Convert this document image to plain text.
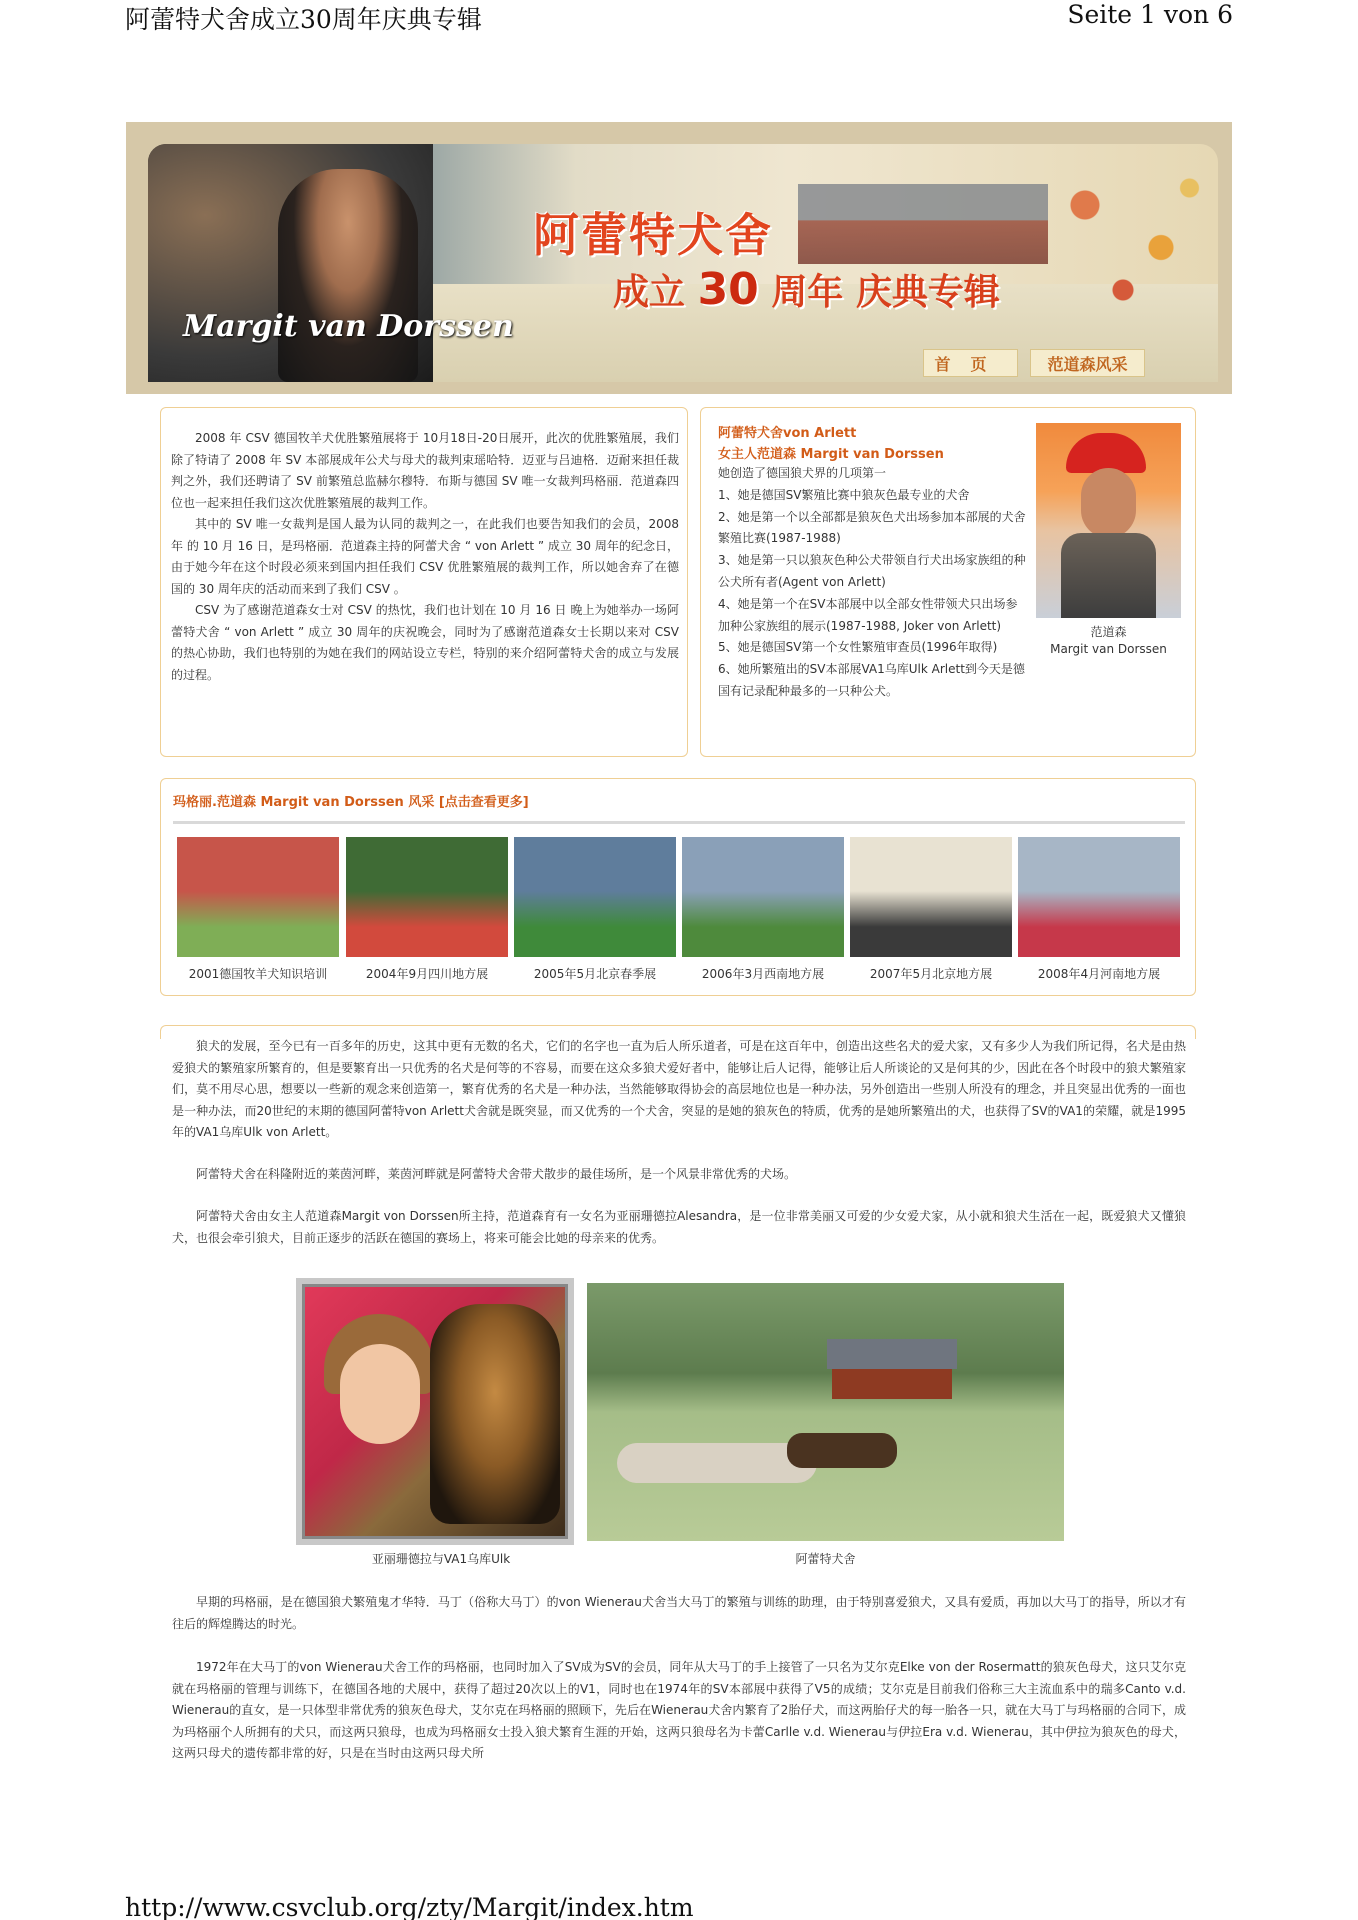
阿蕾特犬舍成立30周年庆典专辑	Seite 1 von 6
阿蕾特犬舍
成立 30 周年 庆典专辑
Margit van Dorssen
首页	范道森风采

2008 年 CSV 德国牧羊犬优胜繁殖展将于 10月18日-20日展开，此次的优胜繁殖展，我们除了特请了 2008 年 SV 本部展成年公犬与母犬的裁判束瑶哈特．迈亚与吕迪格．迈耐来担任裁判之外，我们还聘请了 SV 前繁殖总监赫尔穆特．布斯与德国 SV 唯一女裁判玛格丽．范道森四位也一起来担任我们这次优胜繁殖展的裁判工作。

其中的 SV 唯一女裁判是国人最为认同的裁判之一，在此我们也要告知我们的会员，2008 年 的 10 月 16 日，是玛格丽．范道森主持的阿蕾犬舍 “ von Arlett ” 成立 30 周年的纪念日，由于她今年在这个时段必须来到国内担任我们 CSV 优胜繁殖展的裁判工作，所以她舍弃了在德国的 30 周年庆的活动而来到了我们 CSV 。

CSV 为了感谢范道森女士对 CSV 的热忱，我们也计划在 10 月 16 日 晚上为她举办一场阿蕾特犬舍 “ von Arlett ” 成立 30 周年的庆祝晚会，同时为了感谢范道森女士长期以来对 CSV 的热心协助，我们也特别的为她在我们的网站设立专栏，特别的来介绍阿蕾特犬舍的成立与发展的过程。

阿蕾特犬舍von Arlett
女主人范道森 Margit van Dorssen
她创造了德国狼犬界的几项第一
1、她是德国SV繁殖比赛中狼灰色最专业的犬舍
2、她是第一个以全部都是狼灰色犬出场参加本部展的犬舍繁殖比赛(1987-1988)
3、她是第一只以狼灰色种公犬带领自行犬出场家族组的种公犬所有者(Agent von Arlett)
4、她是第一个在SV本部展中以全部女性带领犬只出场参加种公家族组的展示(1987-1988, Joker von Arlett)
5、她是德国SV第一个女性繁殖审查员(1996年取得)
6、她所繁殖出的SV本部展VA1乌库Ulk Arlett到今天是德国有记录配种最多的一只种公犬。
范道森
Margit van Dorssen
玛格丽.范道森 Margit van Dorssen 风采 [点击查看更多]
2001德国牧羊犬知识培训	2004年9月四川地方展	2005年5月北京春季展	2006年3月西南地方展	2007年5月北京地方展	2008年4月河南地方展

狼犬的发展，至今已有一百多年的历史，这其中更有无数的名犬，它们的名字也一直为后人所乐道者，可是在这百年中，创造出这些名犬的爱犬家，又有多少人为我们所记得，名犬是由热爱狼犬的繁殖家所繁育的，但是要繁育出一只优秀的名犬是何等的不容易，而要在这众多狼犬爱好者中，能够让后人记得，能够让后人所谈论的又是何其的少，因此在各个时段中的狼犬繁殖家们，莫不用尽心思，想要以一些新的观念来创造第一，繁育优秀的名犬是一种办法，当然能够取得协会的高层地位也是一种办法，另外创造出一些别人所没有的理念，并且突显出优秀的一面也是一种办法，而20世纪的末期的德国阿蕾特von Arlett犬舍就是既突显，而又优秀的一个犬舍，突显的是她的狼灰色的特质，优秀的是她所繁殖出的犬，也获得了SV的VA1的荣耀，就是1995年的VA1乌库Ulk von Arlett。

阿蕾特犬舍在科隆附近的莱茵河畔，莱茵河畔就是阿蕾特犬舍带犬散步的最佳场所，是一个风景非常优秀的犬场。

阿蕾特犬舍由女主人范道森Margit von Dorssen所主持，范道森育有一女名为亚丽珊德拉Alesandra，是一位非常美丽又可爱的少女爱犬家，从小就和狼犬生活在一起，既爱狼犬又懂狼犬，也很会牵引狼犬，目前正逐步的活跃在德国的赛场上，将来可能会比她的母亲来的优秀。

亚丽珊德拉与VA1乌库Ulk	阿蕾特犬舍

早期的玛格丽，是在德国狼犬繁殖鬼才华特．马丁（俗称大马丁）的von Wienerau犬舍当大马丁的繁殖与训练的助理，由于特别喜爱狼犬，又具有爱质，再加以大马丁的指导，所以才有往后的辉煌腾达的时光。

1972年在大马丁的von Wienerau犬舍工作的玛格丽，也同时加入了SV成为SV的会员，同年从大马丁的手上接管了一只名为艾尔克Elke von der Rosermatt的狼灰色母犬，这只艾尔克就在玛格丽的管理与训练下，在德国各地的犬展中，获得了超过20次以上的V1，同时也在1974年的SV本部展中获得了V5的成绩；艾尔克是目前我们俗称三大主流血系中的瑞多Canto v.d. Wienerau的直女，是一只体型非常优秀的狼灰色母犬，艾尔克在玛格丽的照顾下，先后在Wienerau犬舍内繁育了2胎仔犬，而这两胎仔犬的每一胎各一只，就在大马丁与玛格丽的合同下，成为玛格丽个人所拥有的犬只，而这两只狼母，也成为玛格丽女士投入狼犬繁育生涯的开始，这两只狼母名为卡蕾Carlle v.d. Wienerau与伊拉Era v.d. Wienerau，其中伊拉为狼灰色的母犬，这两只母犬的遗传都非常的好，只是在当时由这两只母犬所

http://www.csvclub.org/zty/Margit/index.htm
